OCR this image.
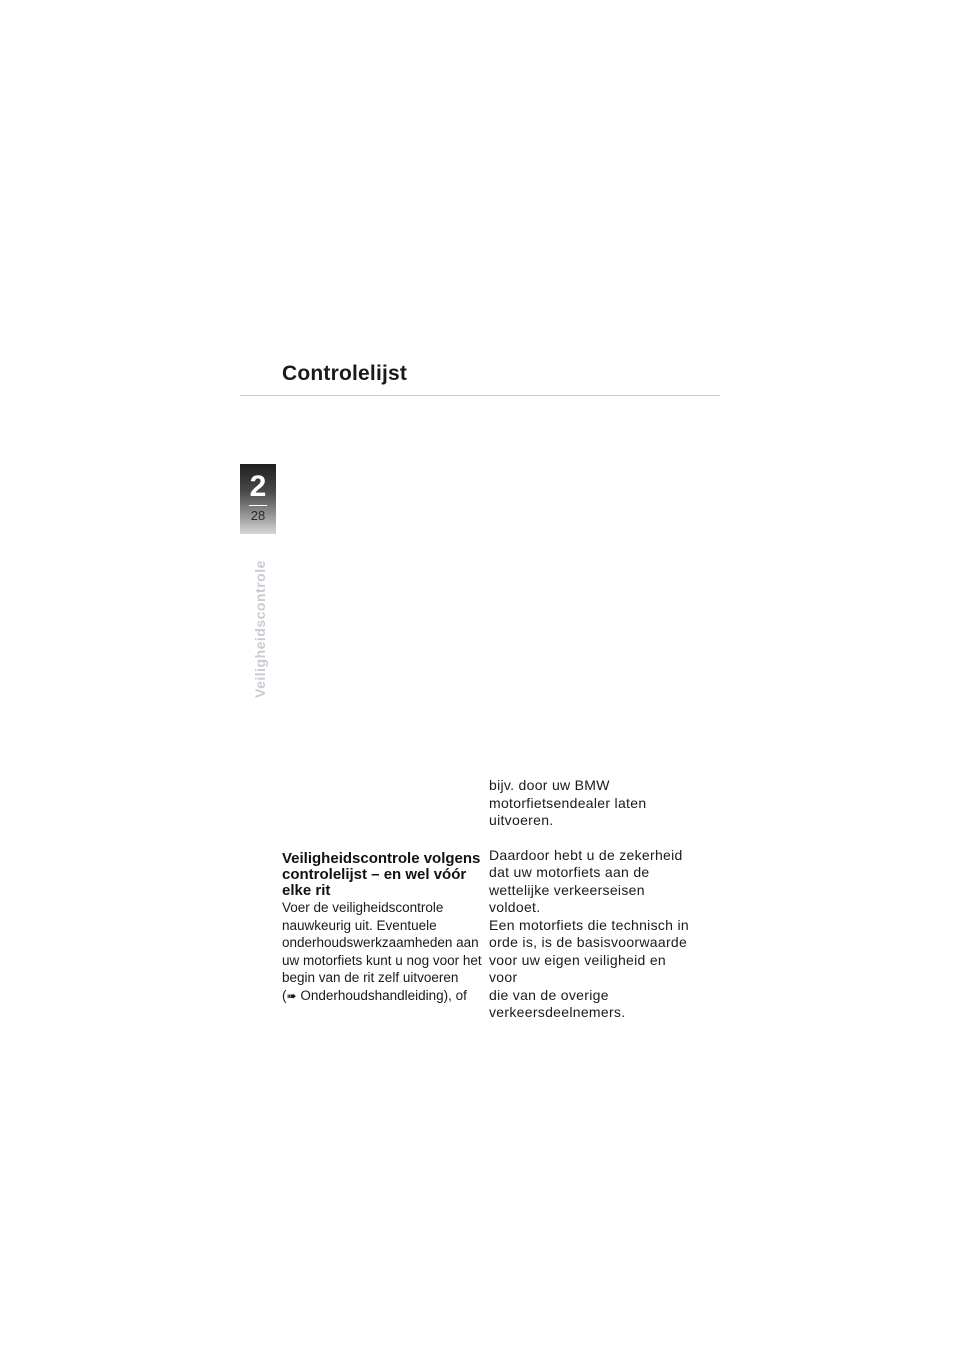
Controlelijst
2
28
Veiligheidscontrole

Veiligheidscontrole volgens controlelijst – en wel vóór elke rit

Voer de veiligheidscontrole

nauwkeurig uit. Eventuele

onderhoudswerkzaamheden aan

uw motorfiets kunt u nog voor het

begin van de rit zelf uitvoeren

(➠ Onderhoudshandleiding), of

bijv. door uw BMW

motorfietsendealer laten

uitvoeren.

Daardoor hebt u de zekerheid

dat uw motorfiets aan de

wettelijke verkeerseisen

voldoet.

Een motorfiets die technisch in

orde is, is de basisvoorwaarde

voor uw eigen veiligheid en voor

die van de overige

verkeersdeelnemers.
